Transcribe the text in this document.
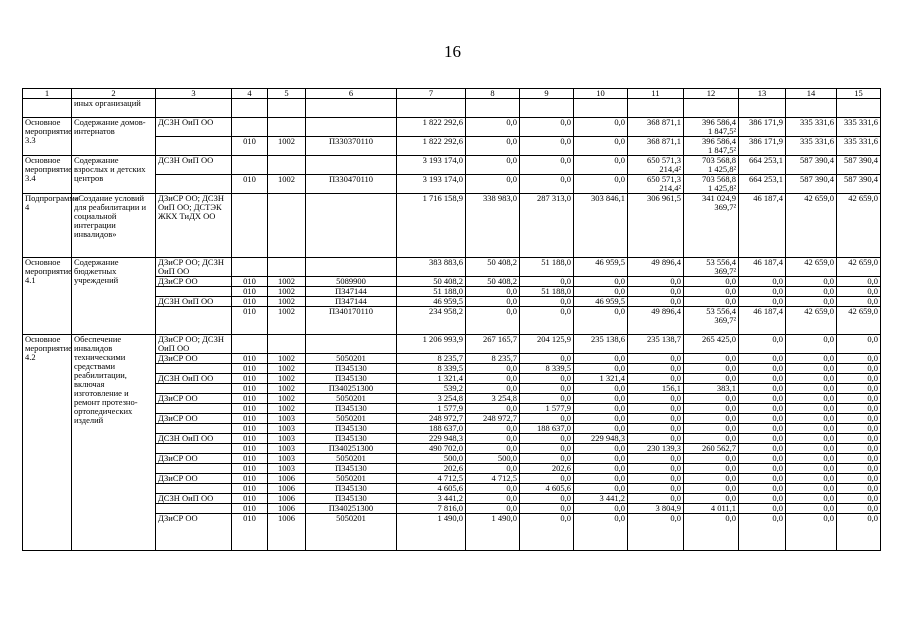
16
1	2	3	4	5	6	7	8	9	10	11	12	13	14	15
	иных организаций													
Основное мероприятие 3.3	Содержание домов-интернатов	ДСЗН ОиП ОО				1 822 292,6	0,0	0,0	0,0	368 871,1	396 586,4
1 847,5²	386 171,9	335 331,6	335 331,6
			010	1002	П330370110	1 822 292,6	0,0	0,0	0,0	368 871,1	396 586,4
1 847,5²	386 171,9	335 331,6	335 331,6
Основное мероприятие 3.4	Содержание взрослых и детских центров	ДСЗН ОиП ОО				3 193 174,0	0,0	0,0	0,0	650 571,3
214,4²	703 568,8
1 425,8²	664 253,1	587 390,4	587 390,4
			010	1002	П330470110	3 193 174,0	0,0	0,0	0,0	650 571,3
214,4²	703 568,8
1 425,8²	664 253,1	587 390,4	587 390,4
Подпрограмма 4	«Создание условий для реабилитации и социальной интеграции инвалидов»	ДЗиСР ОО; ДСЗН ОиП ОО; ДСТЭК ЖКХ ТиДХ ОО				1 716 158,9	338 983,0	287 313,0	303 846,1	306 961,5	341 024,9
369,7²	46 187,4	42 659,0	42 659,0
Основное мероприятие 4.1	Содержание бюджетных учреждений	ДЗиСР ОО; ДСЗН ОиП ОО				383 883,6	50 408,2	51 188,0	46 959,5	49 896,4	53 556,4
369,7²	46 187,4	42 659,0	42 659,0
		ДЗиСР ОО	010	1002	5089900	50 408,2	50 408,2	0,0	0,0	0,0	0,0	0,0	0,0	0,0
			010	1002	П347144	51 188,0	0,0	51 188,0	0,0	0,0	0,0	0,0	0,0	0,0
		ДСЗН ОиП ОО	010	1002	П347144	46 959,5	0,0	0,0	46 959,5	0,0	0,0	0,0	0,0	0,0
			010	1002	П340170110	234 958,2	0,0	0,0	0,0	49 896,4	53 556,4
369,7²	46 187,4	42 659,0	42 659,0
Основное мероприятие 4.2	Обеспечение инвалидов техническими средствами реабилитации, включая изготовление и ремонт протезно-ортопедических изделий	ДЗиСР ОО; ДСЗН ОиП ОО				1 206 993,9	267 165,7	204 125,9	235 138,6	235 138,7	265 425,0	0,0	0,0	0,0
		ДЗиСР ОО	010	1002	5050201	8 235,7	8 235,7	0,0	0,0	0,0	0,0	0,0	0,0	0,0
			010	1002	П345130	8 339,5	0,0	8 339,5	0,0	0,0	0,0	0,0	0,0	0,0
		ДСЗН ОиП ОО	010	1002	П345130	1 321,4	0,0	0,0	1 321,4	0,0	0,0	0,0	0,0	0,0
			010	1002	П340251300	539,2	0,0	0,0	0,0	156,1	383,1	0,0	0,0	0,0
		ДЗиСР ОО	010	1002	5050201	3 254,8	3 254,8	0,0	0,0	0,0	0,0	0,0	0,0	0,0
			010	1002	П345130	1 577,9	0,0	1 577,9	0,0	0,0	0,0	0,0	0,0	0,0
		ДЗиСР ОО	010	1003	5050201	248 972,7	248 972,7	0,0	0,0	0,0	0,0	0,0	0,0	0,0
			010	1003	П345130	188 637,0	0,0	188 637,0	0,0	0,0	0,0	0,0	0,0	0,0
		ДСЗН ОиП ОО	010	1003	П345130	229 948,3	0,0	0,0	229 948,3	0,0	0,0	0,0	0,0	0,0
			010	1003	П340251300	490 702,0	0,0	0,0	0,0	230 139,3	260 562,7	0,0	0,0	0,0
		ДЗиСР ОО	010	1003	5050201	500,0	500,0	0,0	0,0	0,0	0,0	0,0	0,0	0,0
			010	1003	П345130	202,6	0,0	202,6	0,0	0,0	0,0	0,0	0,0	0,0
		ДЗиСР ОО	010	1006	5050201	4 712,5	4 712,5	0,0	0,0	0,0	0,0	0,0	0,0	0,0
			010	1006	П345130	4 605,6	0,0	4 605,6	0,0	0,0	0,0	0,0	0,0	0,0
		ДСЗН ОиП ОО	010	1006	П345130	3 441,2	0,0	0,0	3 441,2	0,0	0,0	0,0	0,0	0,0
			010	1006	П340251300	7 816,0	0,0	0,0	0,0	3 804,9	4 011,1	0,0	0,0	0,0
		ДЗиСР ОО	010	1006	5050201	1 490,0	1 490,0	0,0	0,0	0,0	0,0	0,0	0,0	0,0
